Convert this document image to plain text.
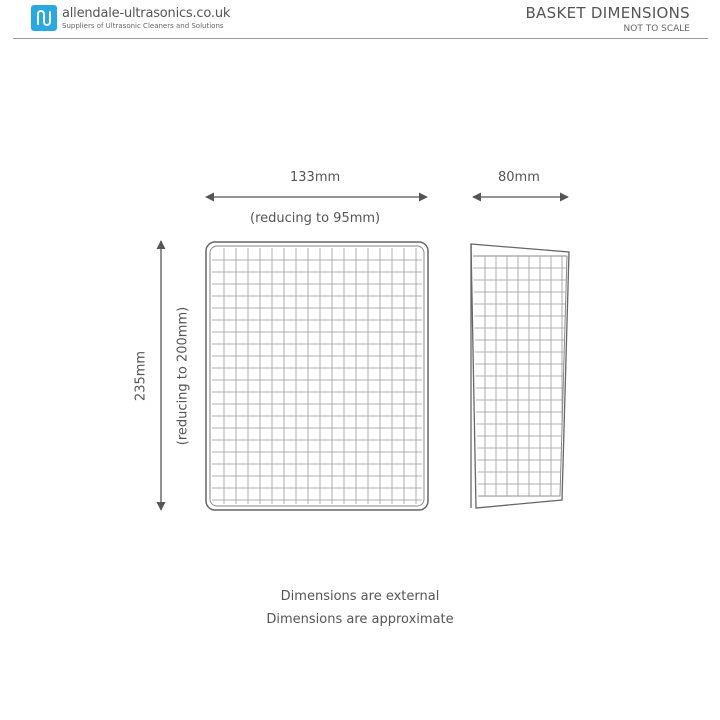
allendale-ultrasonics.co.uk
Suppliers of Ultrasonic Cleaners and Solutions
BASKET DIMENSIONS
NOT TO SCALE
133mm
(reducing to 95mm)
80mm
235mm (reducing to 200mm)
Dimensions are external
Dimensions are approximate
